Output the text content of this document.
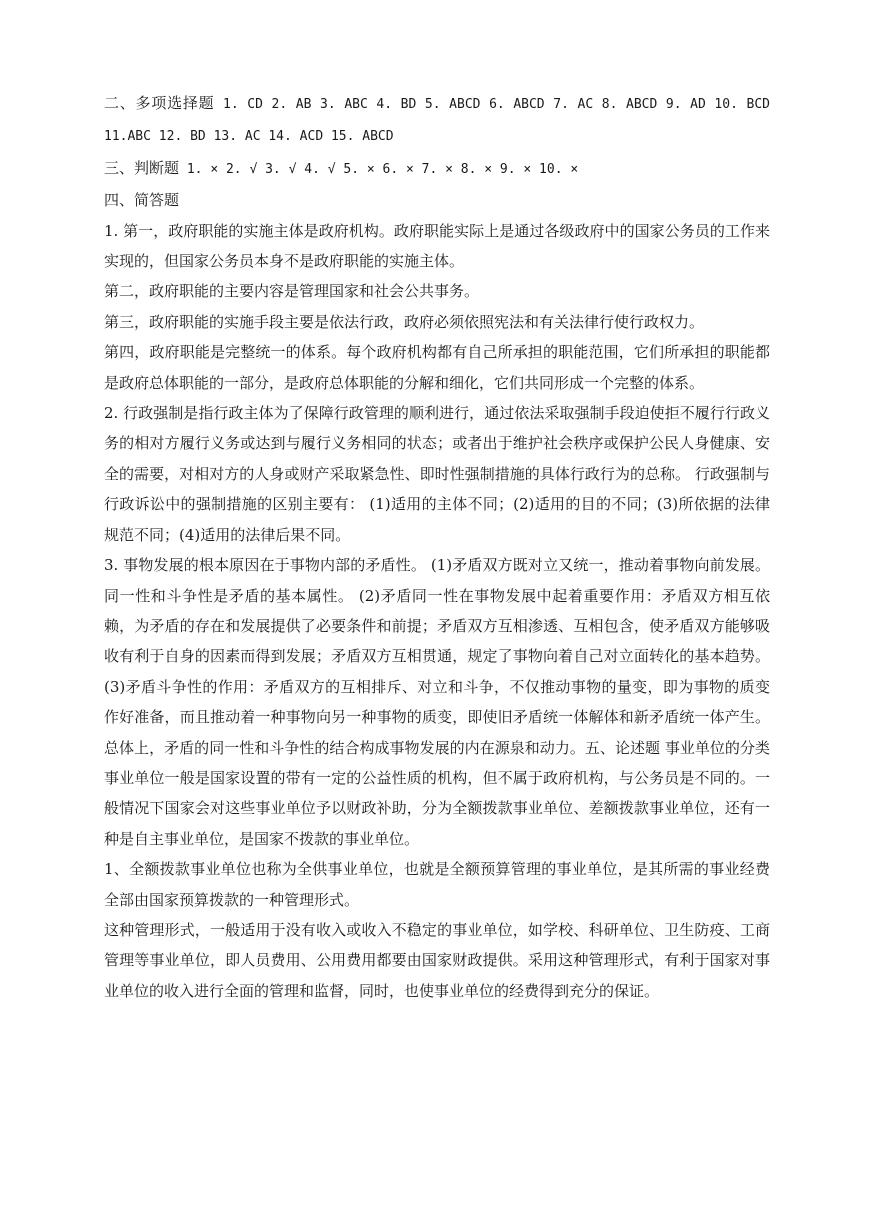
二、多项选择题 1. CD 2. AB 3. ABC 4. BD 5. ABCD 6. ABCD 7. AC 8. ABCD 9. AD 10. BCD 11.ABC 12. BD 13. AC 14. ACD 15. ABCD

三、判断题 1. × 2. √ 3. √ 4. √ 5. × 6. × 7. × 8. × 9. × 10. ×

四、简答题

1. 第一，政府职能的实施主体是政府机构。政府职能实际上是通过各级政府中的国家公务员的工作来实现的，但国家公务员本身不是政府职能的实施主体。

第二，政府职能的主要内容是管理国家和社会公共事务。

第三，政府职能的实施手段主要是依法行政，政府必须依照宪法和有关法律行使行政权力。

第四，政府职能是完整统一的体系。每个政府机构都有自己所承担的职能范围，它们所承担的职能都是政府总体职能的一部分，是政府总体职能的分解和细化，它们共同形成一个完整的体系。

2. 行政强制是指行政主体为了保障行政管理的顺利进行，通过依法采取强制手段迫使拒不履行行政义务的相对方履行义务或达到与履行义务相同的状态；或者出于维护社会秩序或保护公民人身健康、安全的需要，对相对方的人身或财产采取紧急性、即时性强制措施的具体行政行为的总称。 行政强制与行政诉讼中的强制措施的区别主要有： (1)适用的主体不同；(2)适用的目的不同；(3)所依据的法律规范不同；(4)适用的法律后果不同。

3. 事物发展的根本原因在于事物内部的矛盾性。 (1)矛盾双方既对立又统一，推动着事物向前发展。同一性和斗争性是矛盾的基本属性。 (2)矛盾同一性在事物发展中起着重要作用：矛盾双方相互依赖，为矛盾的存在和发展提供了必要条件和前提；矛盾双方互相渗透、互相包含，使矛盾双方能够吸收有利于自身的因素而得到发展；矛盾双方互相贯通，规定了事物向着自己对立面转化的基本趋势。 (3)矛盾斗争性的作用：矛盾双方的互相排斥、对立和斗争，不仅推动事物的量变，即为事物的质变作好准备，而且推动着一种事物向另一种事物的质变，即使旧矛盾统一体解体和新矛盾统一体产生。总体上，矛盾的同一性和斗争性的结合构成事物发展的内在源泉和动力。五、论述题 事业单位的分类 事业单位一般是国家设置的带有一定的公益性质的机构，但不属于政府机构，与公务员是不同的。一般情况下国家会对这些事业单位予以财政补助，分为全额拨款事业单位、差额拨款事业单位，还有一种是自主事业单位，是国家不拨款的事业单位。

1、全额拨款事业单位也称为全供事业单位，也就是全额预算管理的事业单位，是其所需的事业经费全部由国家预算拨款的一种管理形式。

这种管理形式，一般适用于没有收入或收入不稳定的事业单位，如学校、科研单位、卫生防疫、工商管理等事业单位，即人员费用、公用费用都要由国家财政提供。采用这种管理形式，有利于国家对事业单位的收入进行全面的管理和监督，同时，也使事业单位的经费得到充分的保证。
